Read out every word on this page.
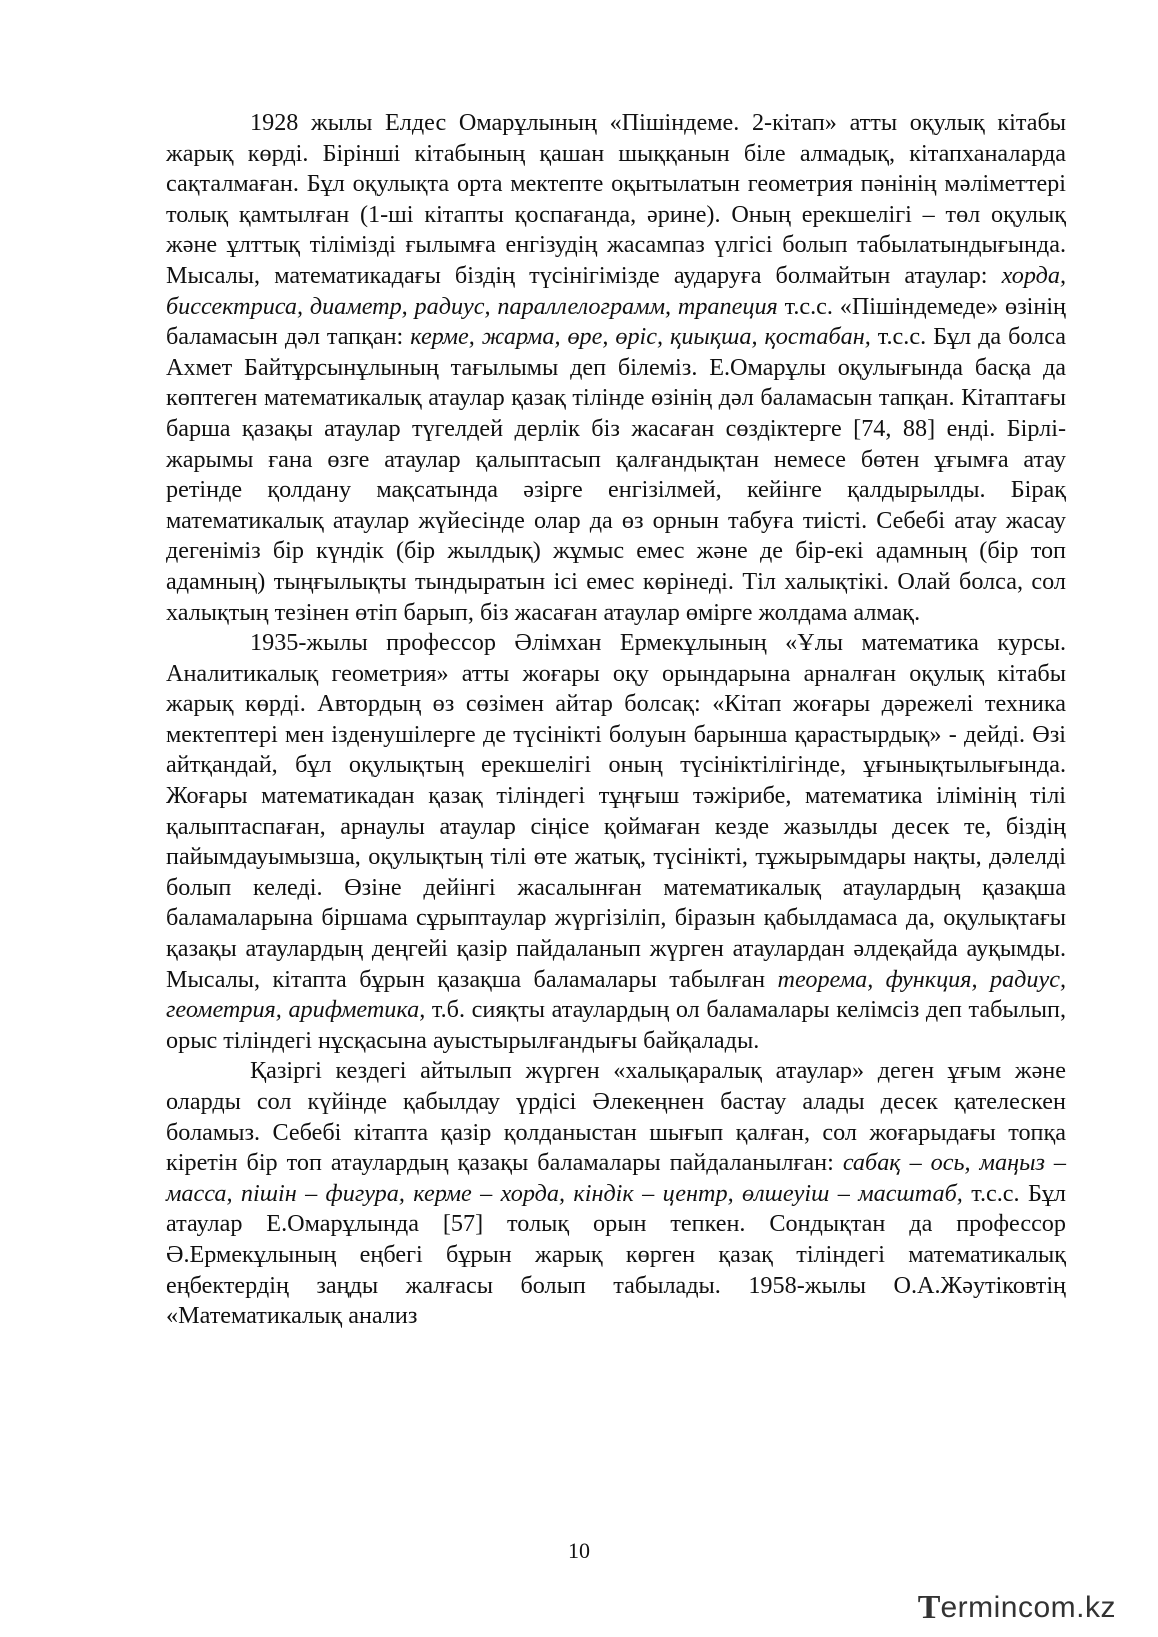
1928 жылы Елдес Омарұлының «Пішіндеме. 2-кітап» атты оқулық кітабы жарық көрді. Бірінші кітабының қашан шыққанын біле алмадық, кітапханаларда сақталмаған. Бұл оқулықта орта мектепте оқытылатын геометрия пәнінің мәліметтері толық қамтылған (1-ші кітапты қоспағанда, әрине). Оның ерекшелігі – төл оқулық және ұлттық тілімізді ғылымға енгізудің жасампаз үлгісі болып табылатындығында. Мысалы, математикадағы біздің түсінігімізде аударуға болмайтын атаулар: хорда, биссектриса, диаметр, радиус, параллелограмм, трапеция т.с.с. «Пішіндемеде» өзінің баламасын дәл тапқан: керме, жарма, өре, өріс, қиықша, қостабан, т.с.с. Бұл да болса Ахмет Байтұрсынұлының тағылымы деп білеміз. Е.Омарұлы оқулығында басқа да көптеген математикалық атаулар қазақ тілінде өзінің дәл баламасын тапқан. Кітаптағы барша қазақы атаулар түгелдей дерлік біз жасаған сөздіктерге [74, 88] енді. Бірлі-жарымы ғана өзге атаулар қалыптасып қалғандықтан немесе бөтен ұғымға атау ретінде қолдану мақсатында әзірге енгізілмей, кейінге қалдырылды. Бірақ математикалық атаулар жүйесінде олар да өз орнын табуға тиісті. Себебі атау жасау дегеніміз бір күндік (бір жылдық) жұмыс емес және де бір-екі адамның (бір топ адамның) тыңғылықты тындыратын ісі емес көрінеді. Тіл халықтікі. Олай болса, сол халықтың тезінен өтіп барып, біз жасаған атаулар өмірге жолдама алмақ.

1935-жылы профессор Әлімхан Ермекұлының «Ұлы математика курсы. Аналитикалық геометрия» атты жоғары оқу орындарына арналған оқулық кітабы жарық көрді. Автордың өз сөзімен айтар болсақ: «Кітап жоғары дәрежелі техника мектептері мен ізденушілерге де түсінікті болуын барынша қарастырдық» - дейді. Өзі айтқандай, бұл оқулықтың ерекшелігі оның түсініктілігінде, ұғынықтылығында. Жоғары математикадан қазақ тіліндегі тұңғыш тәжірибе, математика ілімінің тілі қалыптаспаған, арнаулы атаулар сіңісе қоймаған кезде жазылды десек те, біздің пайымдауымызша, оқулықтың тілі өте жатық, түсінікті, тұжырымдары нақты, дәлелді болып келеді. Өзіне дейінгі жасалынған математикалық атаулардың қазақша баламаларына біршама сұрыптаулар жүргізіліп, біразын қабылдамаса да, оқулықтағы қазақы атаулардың деңгейі қазір пайдаланып жүрген атаулардан әлдеқайда ауқымды. Мысалы, кітапта бұрын қазақша баламалары табылған теорема, функция, радиус, геометрия, арифметика, т.б. сияқты атаулардың ол баламалары келімсіз деп табылып, орыс тіліндегі нұсқасына ауыстырылғандығы байқалады.

Қазіргі кездегі айтылып жүрген «халықаралық атаулар» деген ұғым және оларды сол күйінде қабылдау үрдісі Әлекеңнен бастау алады десек қателескен боламыз. Себебі кітапта қазір қолданыстан шығып қалған, сол жоғарыдағы топқа кіретін бір топ атаулардың қазақы баламалары пайдаланылған: сабақ – ось, маңыз – масса, пішін – фигура, керме – хорда, кіндік – центр, өлшеуіш – масштаб, т.с.с. Бұл атаулар Е.Омарұлында [57] толық орын тепкен. Сондықтан да профессор Ә.Ермекұлының еңбегі бұрын жарық көрген қазақ тіліндегі математикалық еңбектердің заңды жалғасы болып табылады. 1958-жылы О.А.Жәутіковтің «Математикалық анализ

10
T ermincom.kz
